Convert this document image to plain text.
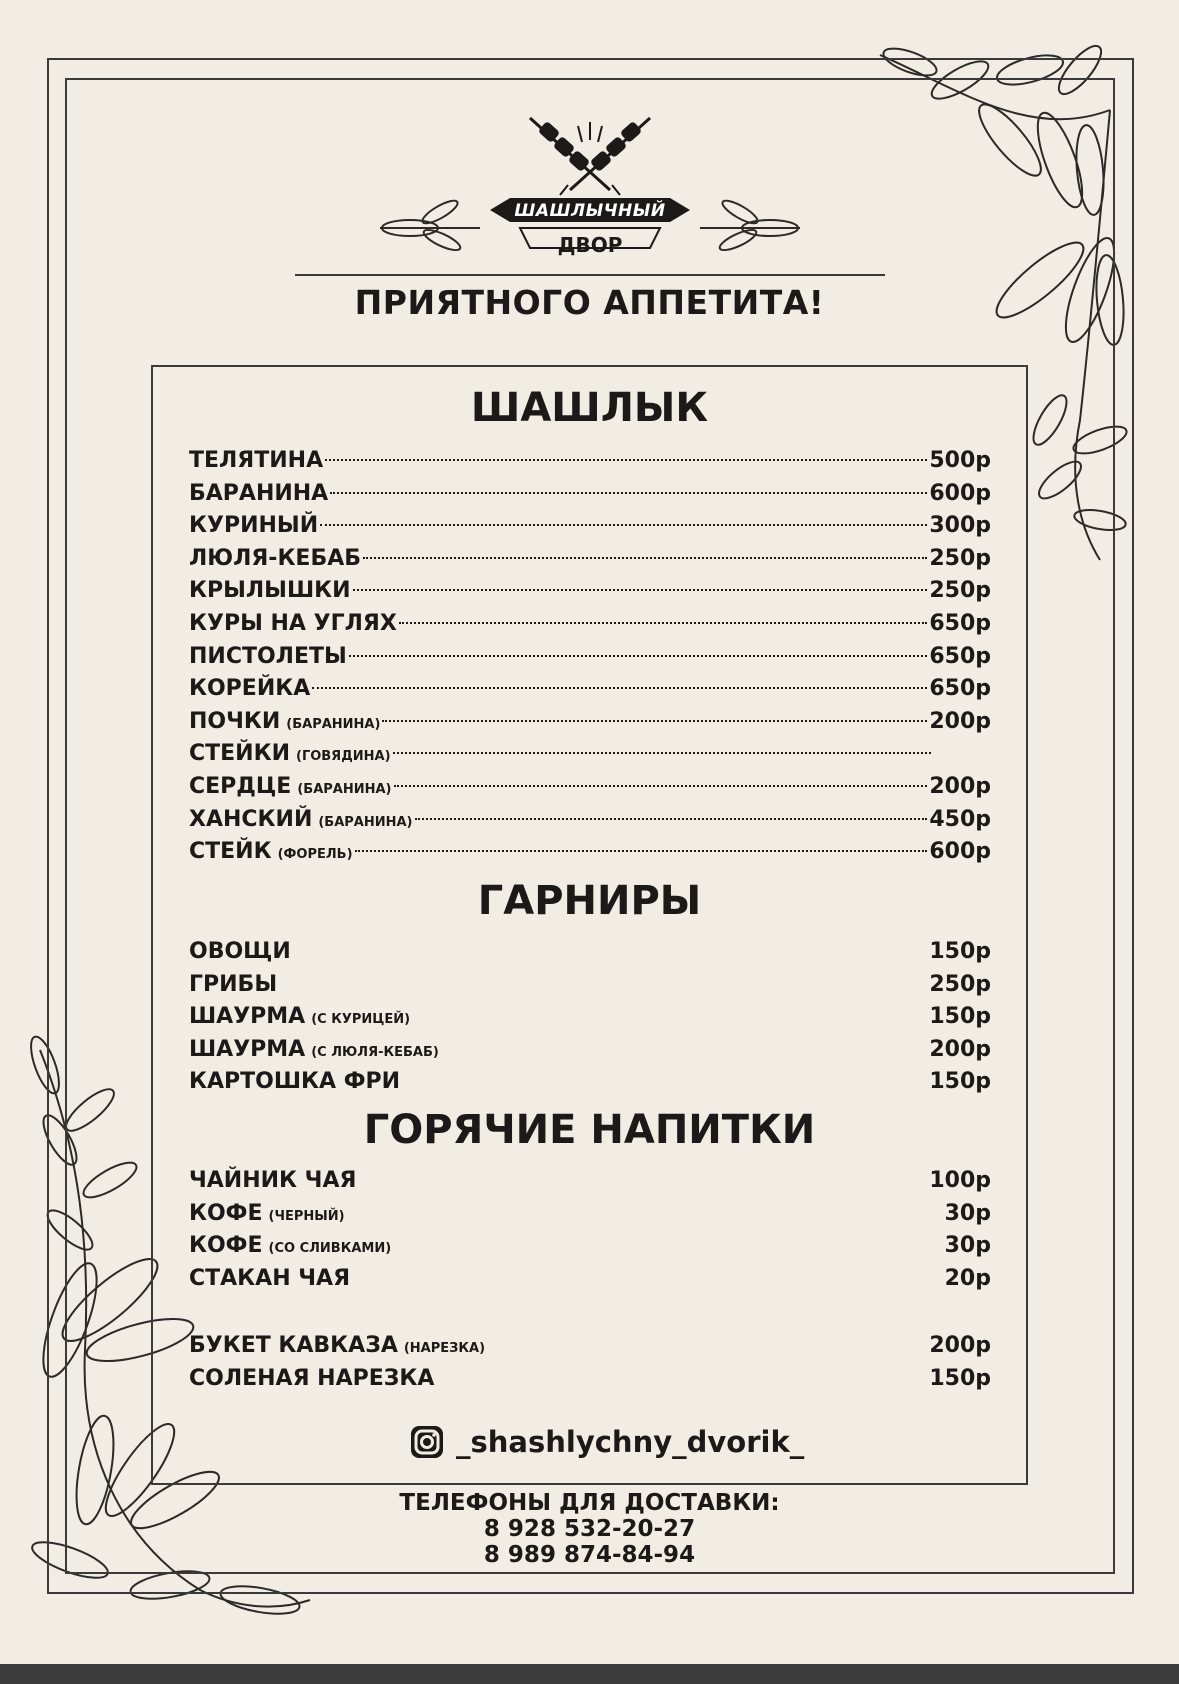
ШАШЛЫЧНЫЙ
ДВОР
ПРИЯТНОГО АППЕТИТА!
ШАШЛЫК
ТЕЛЯТИНА	500р
БАРАНИНА	600р
КУРИНЫЙ	300р
ЛЮЛЯ-КЕБАБ	250р
КРЫЛЫШКИ	250р
КУРЫ НА УГЛЯХ	650р
ПИСТОЛЕТЫ	650р
КОРЕЙКА	650р
ПОЧКИ (БАРАНИНА)	200р
СТЕЙКИ (ГОВЯДИНА)
СЕРДЦЕ (БАРАНИНА)	200р
ХАНСКИЙ (БАРАНИНА)	450р
СТЕЙК (ФОРЕЛЬ)	600р
ГАРНИРЫ
ОВОЩИ	150р
ГРИБЫ	250р
ШАУРМА (С КУРИЦЕЙ)	150р
ШАУРМА (С ЛЮЛЯ-КЕБАБ)	200р
КАРТОШКА ФРИ	150р
ГОРЯЧИЕ НАПИТКИ
ЧАЙНИК ЧАЯ	100р
КОФЕ (ЧЕРНЫЙ)	30р
КОФЕ (СО СЛИВКАМИ)	30р
СТАКАН ЧАЯ	20р
БУКЕТ КАВКАЗА (НАРЕЗКА)	200р
СОЛЕНАЯ НАРЕЗКА	150р
_shashlychny_dvorik_
ТЕЛЕФОНЫ ДЛЯ ДОСТАВКИ:
8 928 532-20-27
8 989 874-84-94
